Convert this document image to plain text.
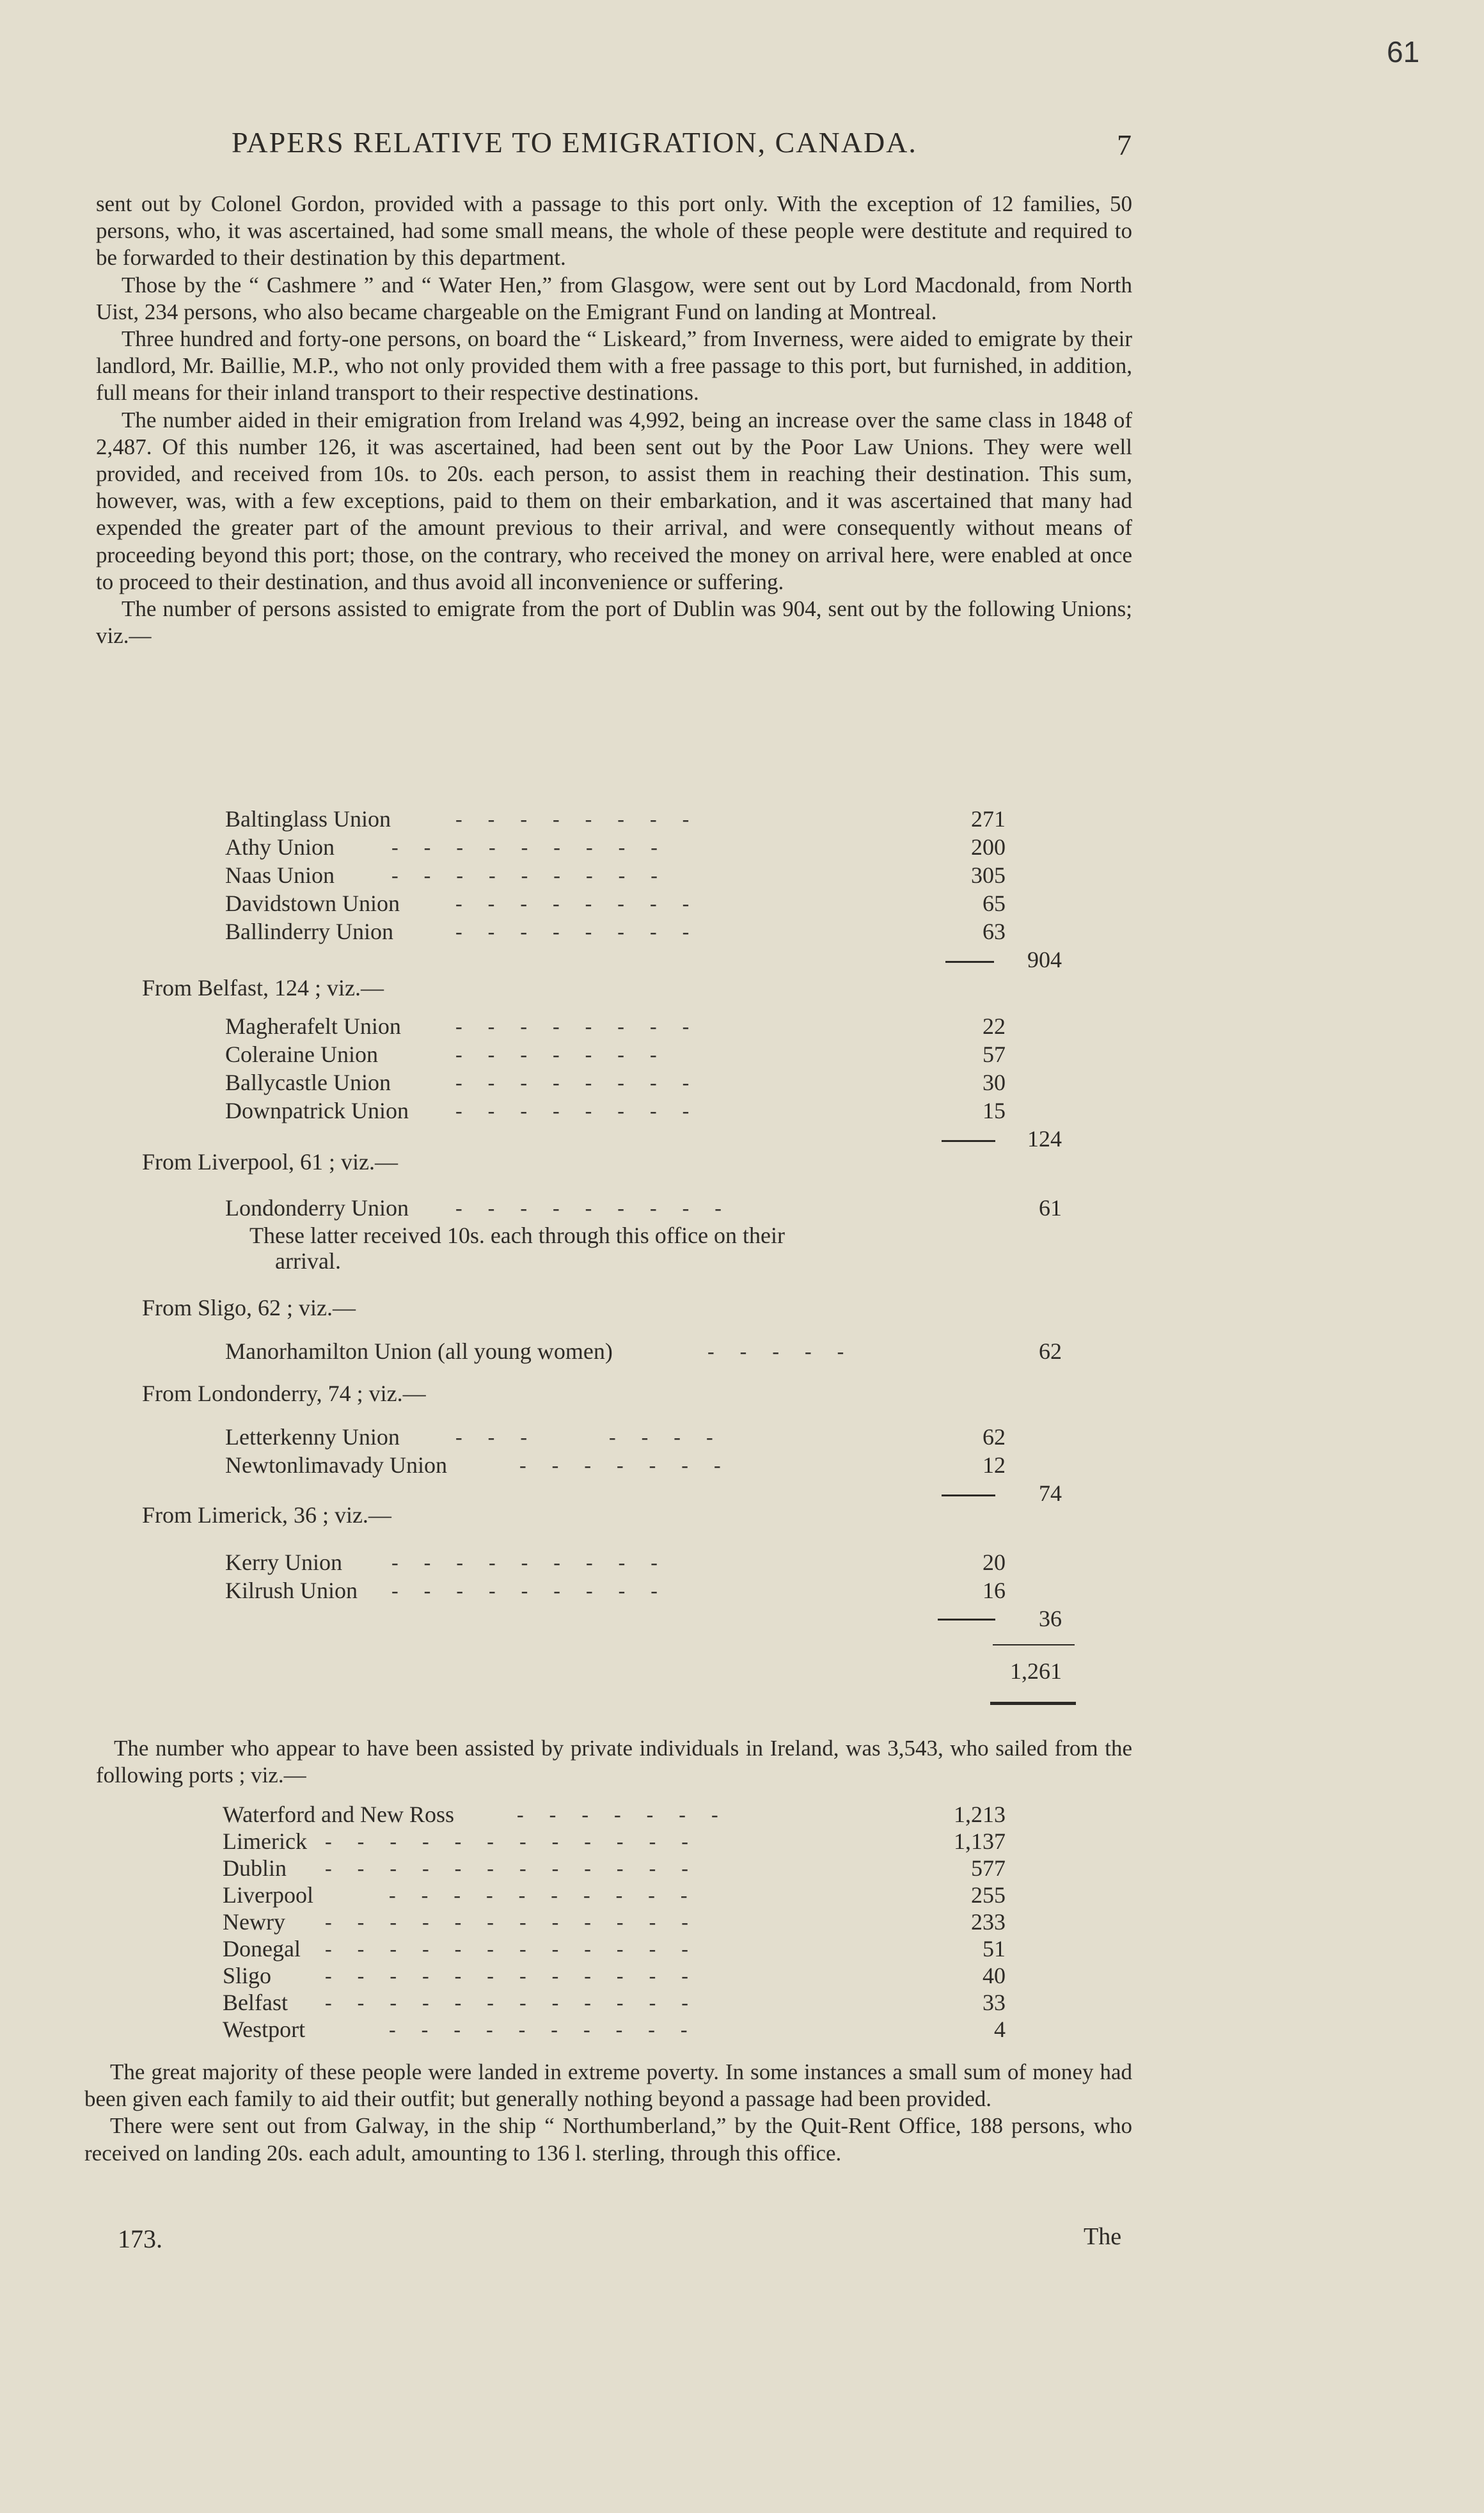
61
PAPERS RELATIVE TO EMIGRATION, CANADA.	7

sent out by Colonel Gordon, provided with a passage to this port only. With the exception of 12 families, 50 persons, who, it was ascertained, had some small means, the whole of these people were destitute and required to be forwarded to their destination by this department.

Those by the “ Cashmere ” and “ Water Hen,” from Glasgow, were sent out by Lord Macdonald, from North Uist, 234 persons, who also became chargeable on the Emigrant Fund on landing at Montreal.

Three hundred and forty-one persons, on board the “ Liskeard,” from Inverness, were aided to emigrate by their landlord, Mr. Baillie, M.P., who not only provided them with a free passage to this port, but furnished, in addition, full means for their inland transport to their respective destinations.

The number aided in their emigration from Ireland was 4,992, being an increase over the same class in 1848 of 2,487. Of this number 126, it was ascertained, had been sent out by the Poor Law Unions. They were well provided, and received from 10s. to 20s. each person, to assist them in reaching their destination. This sum, however, was, with a few exceptions, paid to them on their embarkation, and it was ascertained that many had expended the greater part of the amount previous to their arrival, and were consequently without means of proceeding beyond this port; those, on the contrary, who received the money on arrival here, were enabled at once to proceed to their destination, and thus avoid all inconvenience or suffering.

The number of persons assisted to emigrate from the port of Dublin was 904, sent out by the following Unions; viz.—

Baltinglass Union	-     -     -     -     -     -     -     -	271
Athy Union	-     -     -     -     -     -     -     -     -	200
Naas Union	-     -     -     -     -     -     -     -     -	305
Davidstown Union	-     -     -     -     -     -     -     -	65
Ballinderry Union	-     -     -     -     -     -     -     -	63
904
From Belfast, 124 ; viz.—
Magherafelt Union	-     -     -     -     -     -     -     -	22
Coleraine Union	-     -     -     -     -     -     -	57
Ballycastle Union	-     -     -     -     -     -     -     -	30
Downpatrick Union -     -     -     -     -     -     -     -	15
124
From Liverpool, 61 ; viz.—
Londonderry Union -     -     -     -     -     -     -     -     -	61
These latter received 10s. each through this office on their
arrival.
From Sligo, 62 ; viz.—
Manorhamilton Union (all young women)	-     -     -     -     -	62
From Londonderry, 74 ; viz.—
Letterkenny Union	-     -     -                -     -     -     -	62
Newtonlimavady Union	-     -     -     -     -     -     -	12
74
From Limerick, 36 ; viz.—
Kerry Union -     -     -     -     -     -     -     -     -	20
Kilrush Union -     -     -     -     -     -     -     -     -	16
36
1,261

The number who appear to have been assisted by private individuals in Ireland, was 3,543, who sailed from the following ports ; viz.—

Waterford and New Ross	-     -     -     -     -     -     -	1,213
Limerick -     -     -     -     -     -     -     -     -     -     -     -	1,137
Dublin -     -     -     -     -     -     -     -     -     -     -     -	577
Liverpool	-     -     -     -     -     -     -     -     -     -	255
Newry -     -     -     -     -     -     -     -     -     -     -     -	233
Donegal -     -     -     -     -     -     -     -     -     -     -     -	51
Sligo	-     -     -     -     -     -     -     -     -     -     -     -	40
Belfast -     -     -     -     -     -     -     -     -     -     -     -	33
Westport	-     -     -     -     -     -     -     -     -     -	4

The great majority of these people were landed in extreme poverty. In some instances a small sum of money had been given each family to aid their outfit; but generally nothing beyond a passage had been provided.

There were sent out from Galway, in the ship “ Northumberland,” by the Quit-Rent Office, 188 persons, who received on landing 20s. each adult, amounting to 136 l. sterling, through this office.

173.	The
